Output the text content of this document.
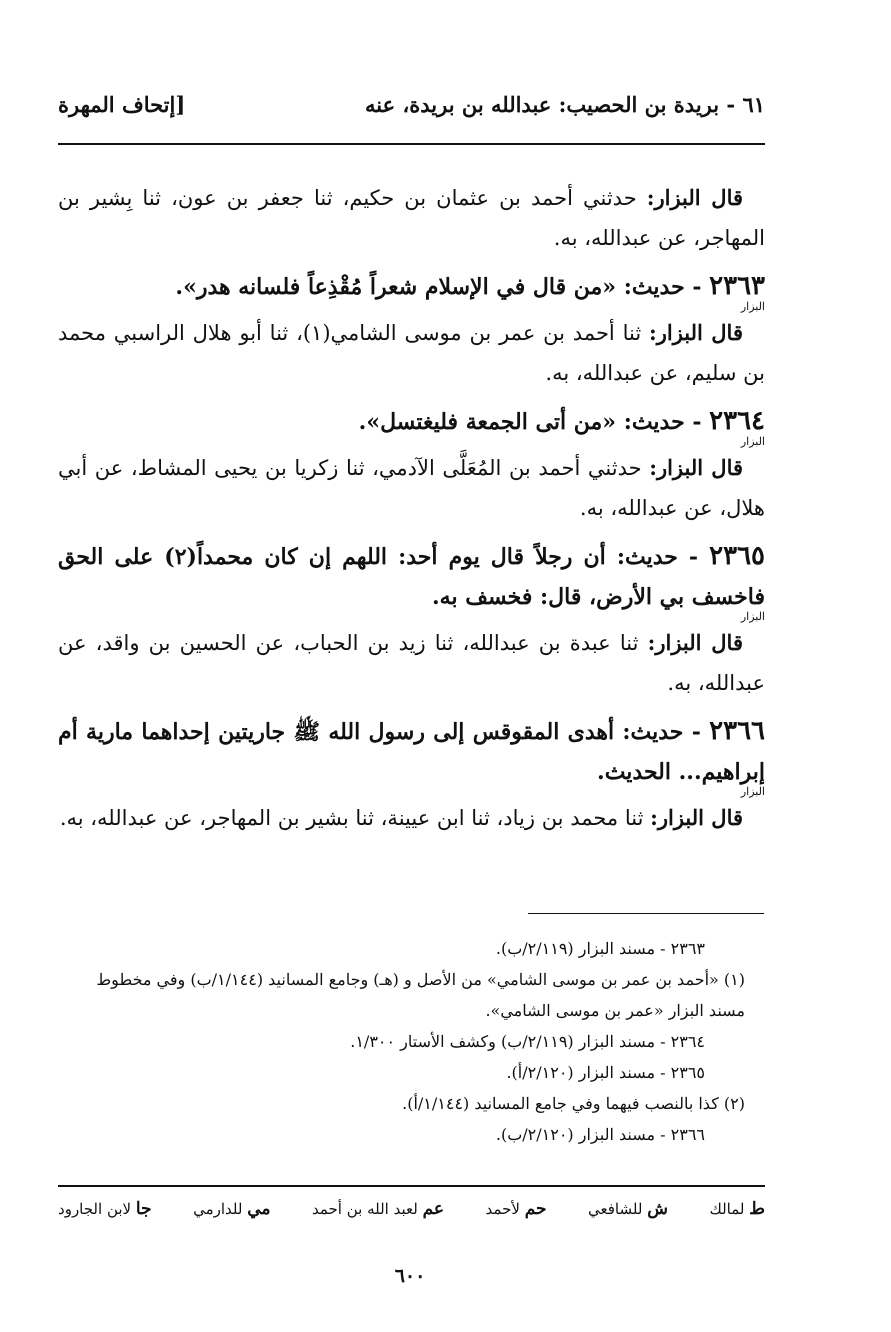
٦١ - بريدة بن الحصيب: عبدالله بن بريدة، عنه
[إتحاف المهرة

قال البزار: حدثني أحمد بن عثمان بن حكيم، ثنا جعفر بن عون، ثنا بِشير بن المهاجر، عن عبدالله، به.

٢٣٦٣ - حديث: «من قال في الإسلام شعراً مُقْذِعاً فلسانه هدر».
البزار

قال البزار: ثنا أحمد بن عمر بن موسى الشامي(١)، ثنا أبو هلال الراسبي محمد بن سليم، عن عبدالله، به.

٢٣٦٤ - حديث: «من أتى الجمعة فليغتسل».
البزار

قال البزار: حدثني أحمد بن المُعَلَّى الآدمي، ثنا زكريا بن يحيى المشاط، عن أبي هلال، عن عبدالله، به.

٢٣٦٥ - حديث: أن رجلاً قال يوم أحد: اللهم إن كان محمداً(٢) على الحق فاخسف بي الأرض، قال: فخسف به.
البزار

قال البزار: ثنا عبدة بن عبدالله، ثنا زيد بن الحباب، عن الحسين بن واقد، عن عبدالله، به.

٢٣٦٦ - حديث: أهدى المقوقس إلى رسول الله ﷺ جاريتين إحداهما مارية أم إبراهيم... الحديث.
البزار

قال البزار: ثنا محمد بن زياد، ثنا ابن عيينة، ثنا بشير بن المهاجر، عن عبدالله، به.

٢٣٦٣ - مسند البزار (٢/١١٩/ب).

(١) «أحمد بن عمر بن موسى الشامي» من الأصل و (هـ) وجامع المسانيد (١/١٤٤/ب) وفي مخطوط مسند البزار «عمر بن موسى الشامي».

٢٣٦٤ - مسند البزار (٢/١١٩/ب) وكشف الأستار ١/٣٠٠.

٢٣٦٥ - مسند البزار (٢/١٢٠/أ).

(٢) كذا بالنصب فيهما وفي جامع المسانيد (١/١٤٤/أ).

٢٣٦٦ - مسند البزار (٢/١٢٠/ب).

ط لمالك
ش للشافعي
حم لأحمد
عم لعبد الله بن أحمد
مي للدارمي
جا لابن الجارود
٦٠٠
